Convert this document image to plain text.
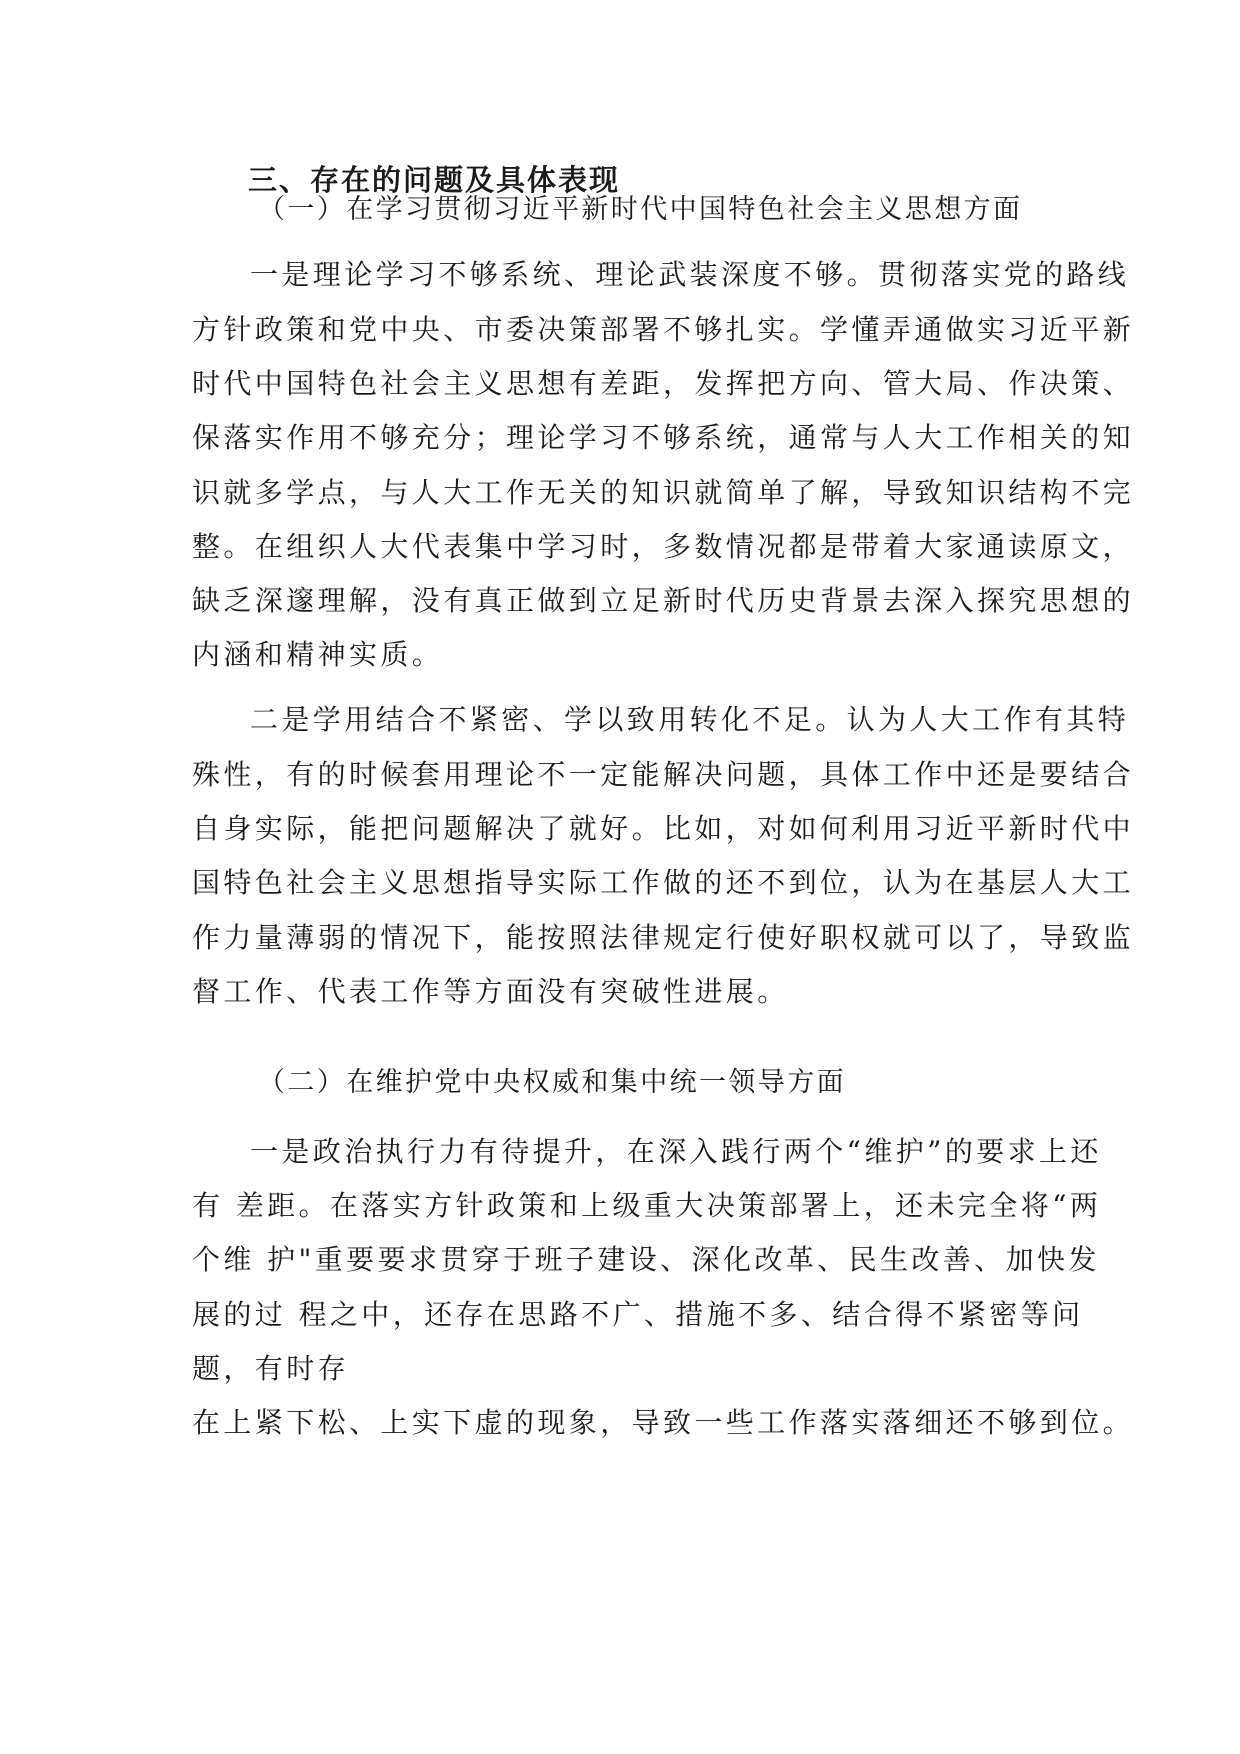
三、存在的问题及具体表现
（一）在学习贯彻习近平新时代中国特色社会主义思想方面
一是理论学习不够系统、理论武装深度不够。贯彻落实党的路线
方针政策和党中央、市委决策部署不够扎实。学懂弄通做实习近平新
时代中国特色社会主义思想有差距，发挥把方向、管大局、作决策、
保落实作用不够充分；理论学习不够系统，通常与人大工作相关的知
识就多学点，与人大工作无关的知识就简单了解，导致知识结构不完
整。在组织人大代表集中学习时，多数情况都是带着大家通读原文，
缺乏深邃理解，没有真正做到立足新时代历史背景去深入探究思想的
内涵和精神实质。
二是学用结合不紧密、学以致用转化不足。认为人大工作有其特
殊性，有的时候套用理论不一定能解决问题，具体工作中还是要结合
自身实际，能把问题解决了就好。比如，对如何利用习近平新时代中
国特色社会主义思想指导实际工作做的还不到位，认为在基层人大工
作力量薄弱的情况下，能按照法律规定行使好职权就可以了，导致监
督工作、代表工作等方面没有突破性进展。
（二）在维护党中央权威和集中统一领导方面
一是政治执行力有待提升，在深入践行两个“维护”的要求上还
有 差距。在落实方针政策和上级重大决策部署上，还未完全将“两
个维 护"重要要求贯穿于班子建设、深化改革、民生改善、加快发
展的过 程之中，还存在思路不广、措施不多、结合得不紧密等问
题，有时存
在上紧下松、上实下虚的现象，导致一些工作落实落细还不够到位。
